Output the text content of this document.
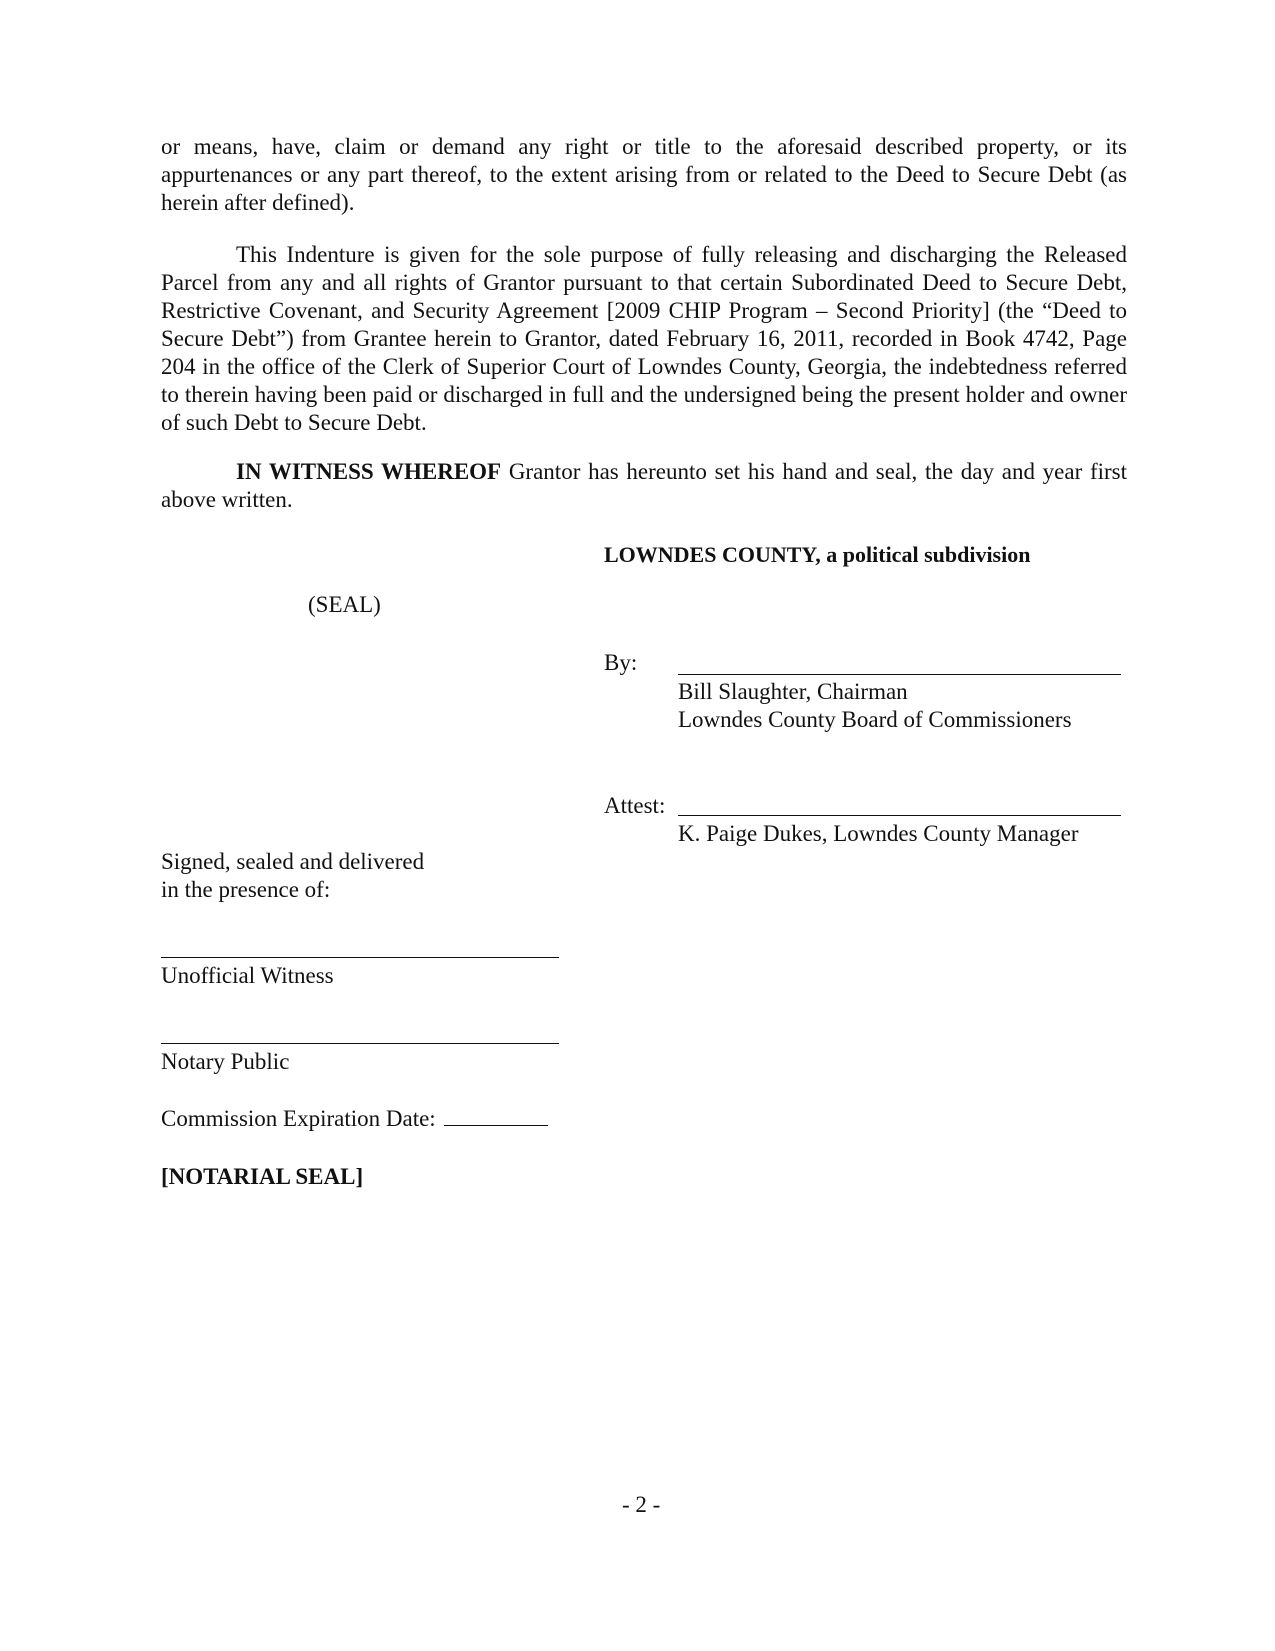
or means, have, claim or demand any right or title to the aforesaid described property, or its appurtenances or any part thereof, to the extent arising from or related to the Deed to Secure Debt (as herein after defined).

This Indenture is given for the sole purpose of fully releasing and discharging the Released Parcel from any and all rights of Grantor pursuant to that certain Subordinated Deed to Secure Debt, Restrictive Covenant, and Security Agreement [2009 CHIP Program – Second Priority] (the “Deed to Secure Debt”) from Grantee herein to Grantor, dated February 16, 2011, recorded in Book 4742, Page 204 in the office of the Clerk of Superior Court of Lowndes County, Georgia, the indebtedness referred to therein having been paid or discharged in full and the undersigned being the present holder and owner of such Debt to Secure Debt.

IN WITNESS WHEREOF Grantor has hereunto set his hand and seal, the day and year first above written.

LOWNDES COUNTY, a political subdivision

(SEAL)

By:

Bill Slaughter, Chairman

Lowndes County Board of Commissioners

Attest:

K. Paige Dukes, Lowndes County Manager

Signed, sealed and delivered

in the presence of:

Unofficial Witness

Notary Public

Commission Expiration Date:

[NOTARIAL SEAL]

- 2 -
